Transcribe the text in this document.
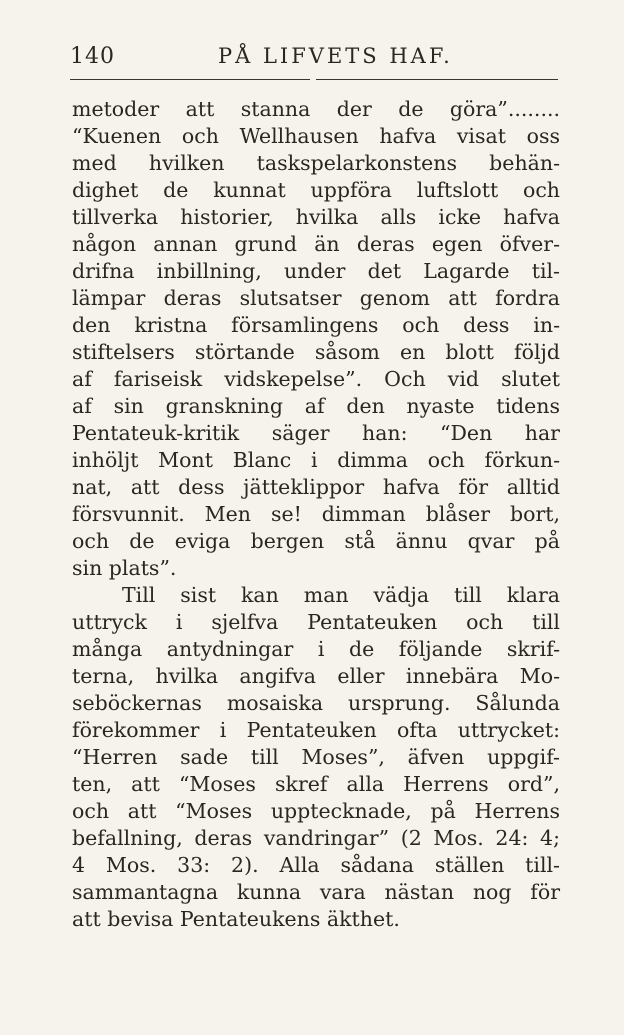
140	PÅ LIFVETS HAF.
metoder att stanna der de göra”........
“Kuenen och Wellhausen hafva visat oss
med hvilken taskspelarkonstens behän-
dighet de kunnat uppföra luftslott och
tillverka historier, hvilka alls icke hafva
någon annan grund än deras egen öfver-
drifna inbillning, under det Lagarde til-
lämpar deras slutsatser genom att fordra
den kristna församlingens och dess in-
stiftelsers störtande såsom en blott följd
af fariseisk vidskepelse”. Och vid slutet
af sin granskning af den nyaste tidens
Pentateuk-kritik säger han: “Den har
inhöljt Mont Blanc i dimma och förkun-
nat, att dess jätteklippor hafva för alltid
försvunnit. Men se! dimman blåser bort,
och de eviga bergen stå ännu qvar på
sin plats”.
Till sist kan man vädja till klara
uttryck i sjelfva Pentateuken och till
många antydningar i de följande skrif-
terna, hvilka angifva eller innebära Mo-
seböckernas mosaiska ursprung. Sålunda
förekommer i Pentateuken ofta uttrycket:
“Herren sade till Moses”, äfven uppgif-
ten, att “Moses skref alla Herrens ord”,
och att “Moses upptecknade, på Herrens
befallning, deras vandringar” (2 Mos. 24: 4;
4 Mos. 33: 2). Alla sådana ställen till-
sammantagna kunna vara nästan nog för
att bevisa Pentateukens äkthet.
